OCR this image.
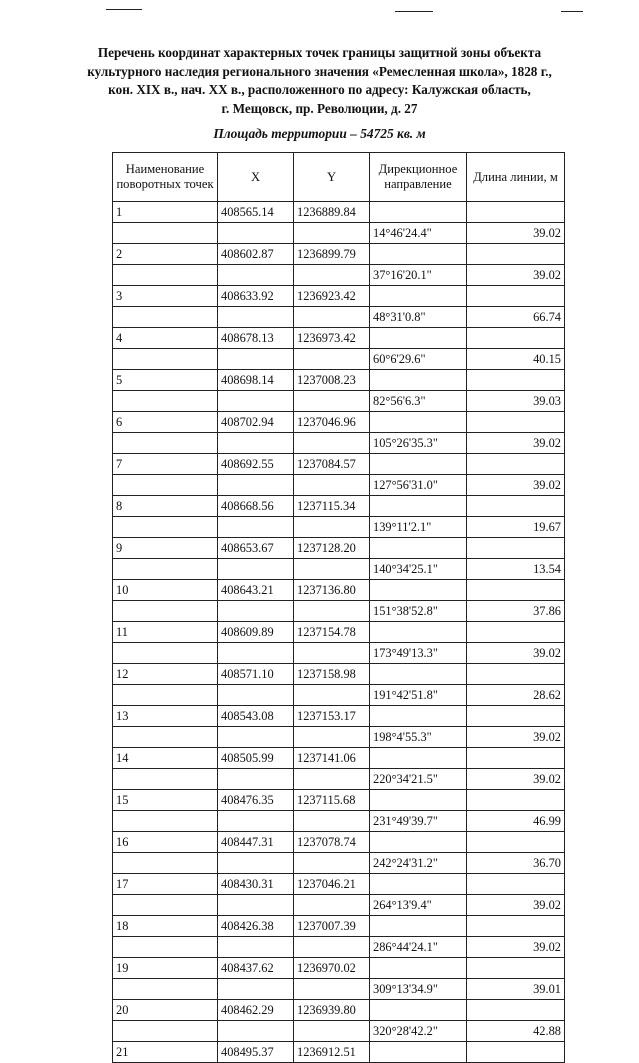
Перечень координат характерных точек границы защитной зоны объекта
культурного наследия регионального значения «Ремесленная школа», 1828 г.,
кон. XIX в., нач. XX в., расположенного по адресу: Калужская область,
г. Мещовск, пр. Революции, д. 27
Площадь территории – 54725 кв. м
Наименование поворотных точек	X	Y	Дирекционное направление	Длина линии, м
1	408565.14	1236889.84		
			14°46'24.4"	39.02
2	408602.87	1236899.79		
			37°16'20.1"	39.02
3	408633.92	1236923.42		
			48°31'0.8"	66.74
4	408678.13	1236973.42		
			60°6'29.6"	40.15
5	408698.14	1237008.23		
			82°56'6.3"	39.03
6	408702.94	1237046.96		
			105°26'35.3"	39.02
7	408692.55	1237084.57		
			127°56'31.0"	39.02
8	408668.56	1237115.34		
			139°11'2.1"	19.67
9	408653.67	1237128.20		
			140°34'25.1"	13.54
10	408643.21	1237136.80		
			151°38'52.8"	37.86
11	408609.89	1237154.78		
			173°49'13.3"	39.02
12	408571.10	1237158.98		
			191°42'51.8"	28.62
13	408543.08	1237153.17		
			198°4'55.3"	39.02
14	408505.99	1237141.06		
			220°34'21.5"	39.02
15	408476.35	1237115.68		
			231°49'39.7"	46.99
16	408447.31	1237078.74		
			242°24'31.2"	36.70
17	408430.31	1237046.21		
			264°13'9.4"	39.02
18	408426.38	1237007.39		
			286°44'24.1"	39.02
19	408437.62	1236970.02		
			309°13'34.9"	39.01
20	408462.29	1236939.80		
			320°28'42.2"	42.88
21	408495.37	1236912.51		
